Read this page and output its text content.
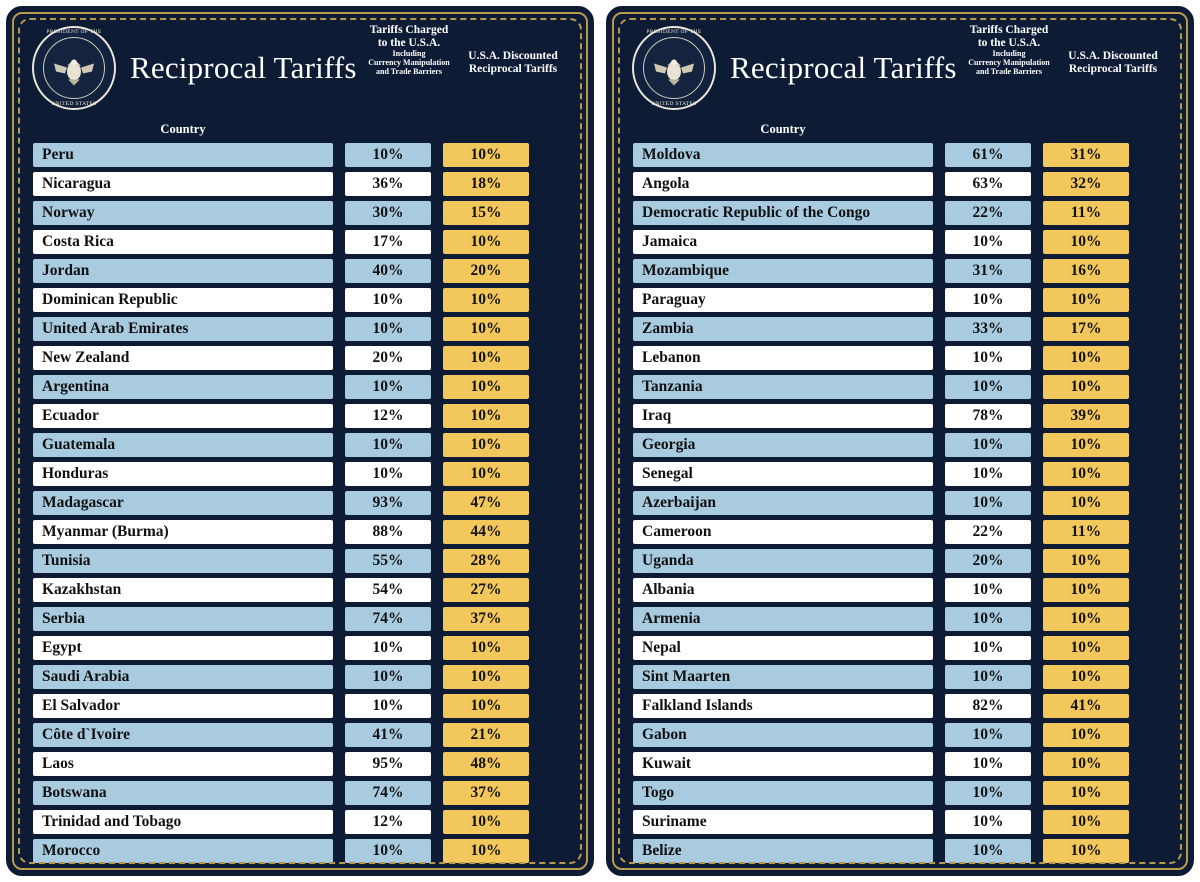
PRESIDENT OF THE
UNITED STATES
Reciprocal Tariffs
Tariffs Charged
to the U.S.A.
Including
Currency Manipulation
and Trade Barriers
U.S.A. Discounted
Reciprocal Tariffs
Country
Peru	10%	10%
Nicaragua	36%	18%
Norway	30%	15%
Costa Rica	17%	10%
Jordan	40%	20%
Dominican Republic	10%	10%
United Arab Emirates	10%	10%
New Zealand	20%	10%
Argentina	10%	10%
Ecuador	12%	10%
Guatemala	10%	10%
Honduras	10%	10%
Madagascar	93%	47%
Myanmar (Burma)	88%	44%
Tunisia	55%	28%
Kazakhstan	54%	27%
Serbia	74%	37%
Egypt	10%	10%
Saudi Arabia	10%	10%
El Salvador	10%	10%
Côte d`Ivoire	41%	21%
Laos	95%	48%
Botswana	74%	37%
Trinidad and Tobago	12%	10%
Morocco	10%	10%
PRESIDENT OF THE
UNITED STATES
Reciprocal Tariffs
Tariffs Charged
to the U.S.A.
Including
Currency Manipulation
and Trade Barriers
U.S.A. Discounted
Reciprocal Tariffs
Country
Moldova	61%	31%
Angola	63%	32%
Democratic Republic of the Congo	22%	11%
Jamaica	10%	10%
Mozambique	31%	16%
Paraguay	10%	10%
Zambia	33%	17%
Lebanon	10%	10%
Tanzania	10%	10%
Iraq	78%	39%
Georgia	10%	10%
Senegal	10%	10%
Azerbaijan	10%	10%
Cameroon	22%	11%
Uganda	20%	10%
Albania	10%	10%
Armenia	10%	10%
Nepal	10%	10%
Sint Maarten	10%	10%
Falkland Islands	82%	41%
Gabon	10%	10%
Kuwait	10%	10%
Togo	10%	10%
Suriname	10%	10%
Belize	10%	10%
